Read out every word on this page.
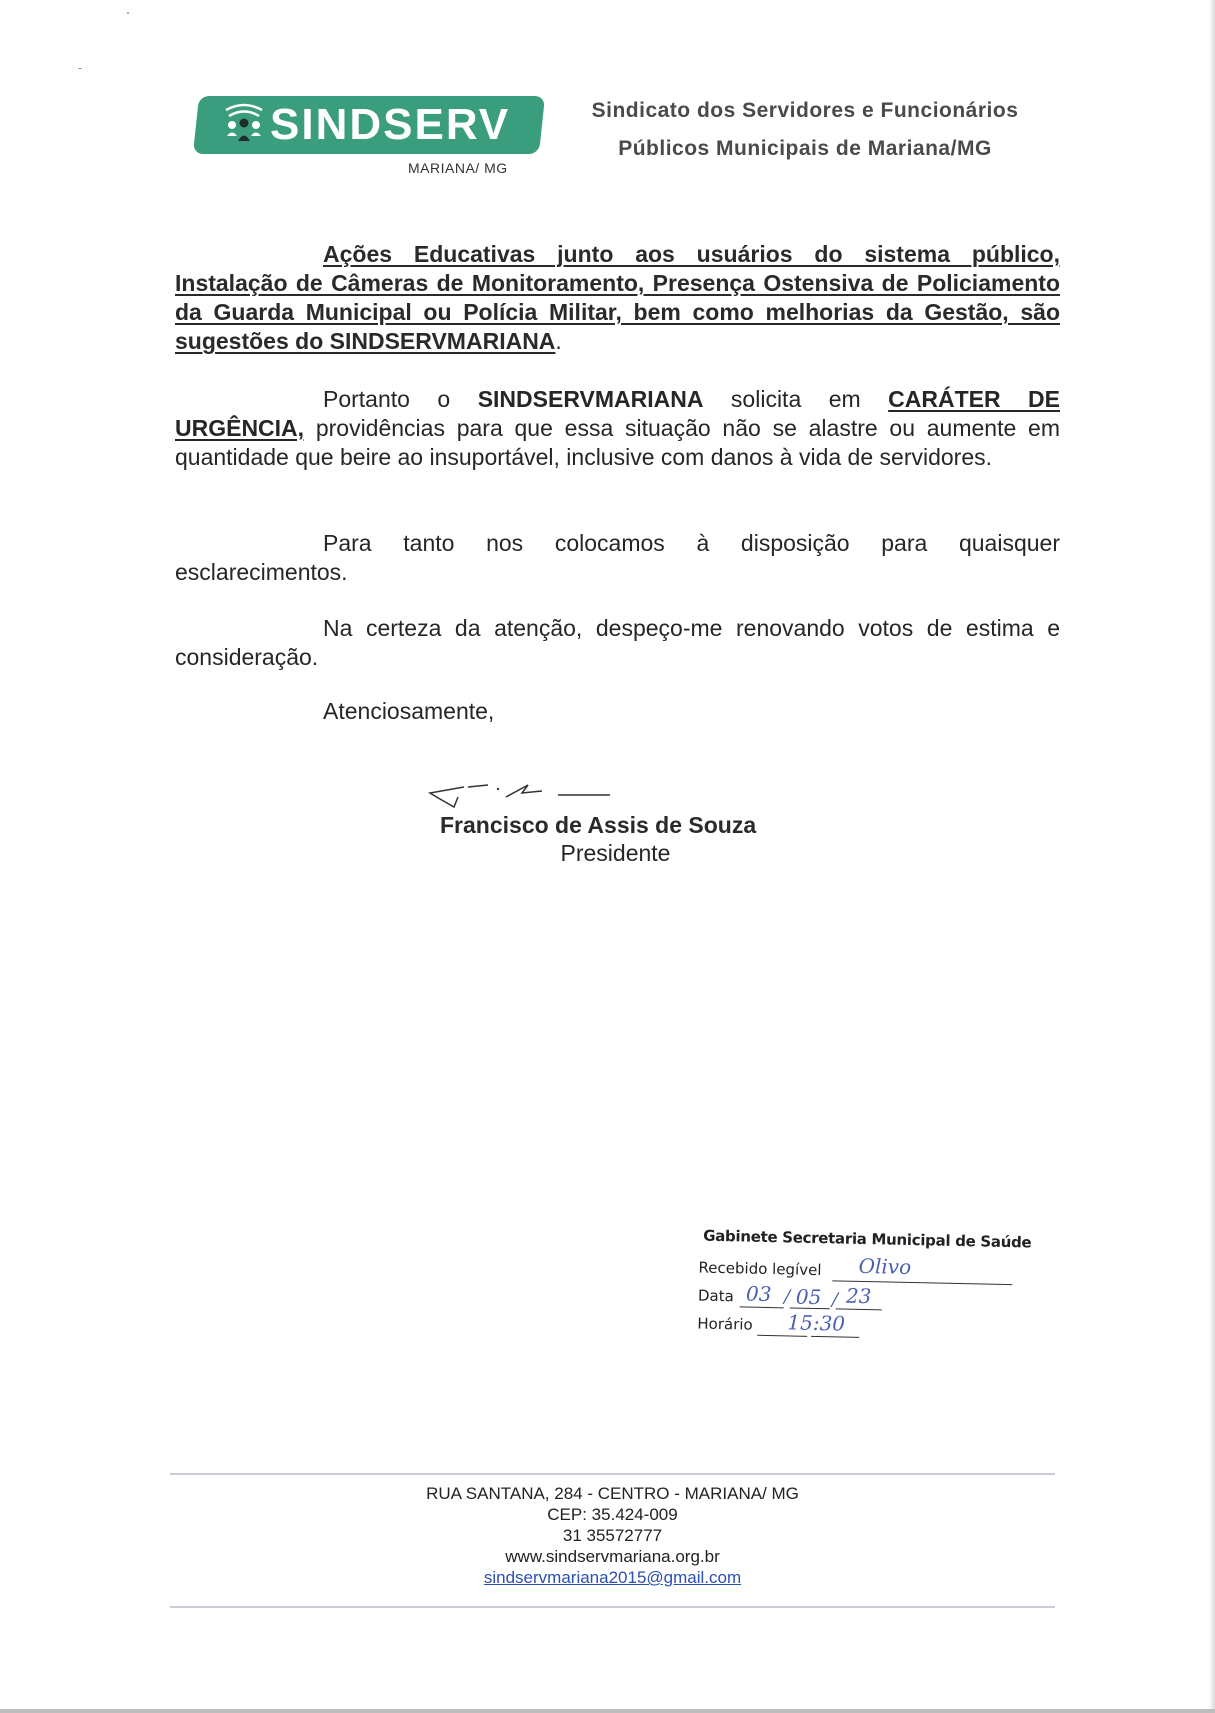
SINDSERV
MARIANA/ MG
Sindicato dos Servidores e Funcionários
Públicos Municipais de Mariana/MG
Ações Educativas junto aos usuários do sistema público, Instalação de Câmeras de Monitoramento, Presença Ostensiva de Policiamento da Guarda Municipal ou Polícia Militar, bem como melhorias da Gestão, são sugestões do SINDSERVMARIANA.
Portanto o SINDSERVMARIANA solicita em CARÁTER DE URGÊNCIA, providências para que essa situação não se alastre ou aumente em quantidade que beire ao insuportável, inclusive com danos à vida de servidores.
Para tanto nos colocamos à disposição para quaisquer esclarecimentos.
Na certeza da atenção, despeço-me renovando votos de estima e consideração.
Atenciosamente,
Francisco de Assis de Souza
Presidente
Gabinete Secretaria Municipal de Saúde
Recebido legível Olivo
Data 03 / 05 / 23
Horário 15:30
RUA SANTANA, 284 - CENTRO - MARIANA/ MG
CEP: 35.424-009
31 35572777
www.sindservmariana.org.br
sindservmariana2015@gmail.com
